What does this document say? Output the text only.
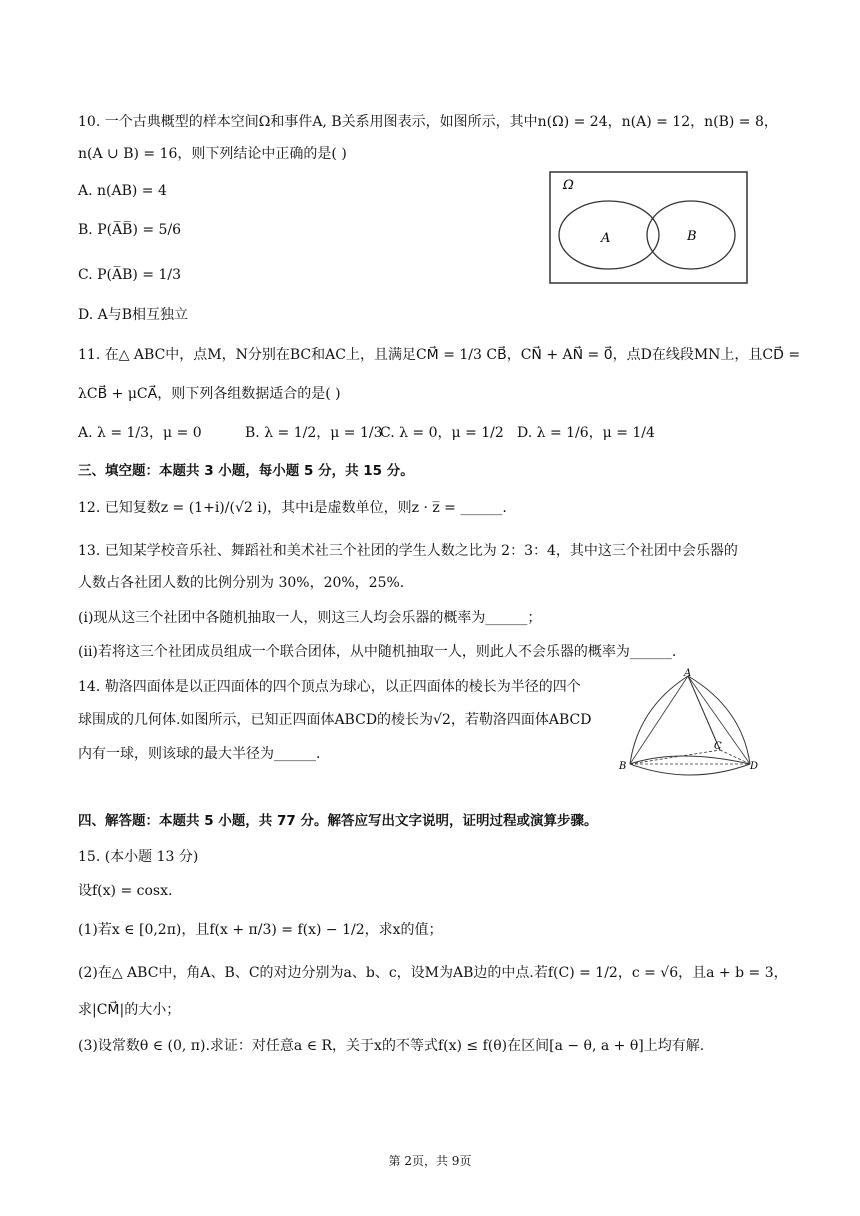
10. 一个古典概型的样本空间Ω和事件A, B关系用图表示，如图所示，其中n(Ω) = 24，n(A) = 12，n(B) = 8，
n(A ∪ B) = 16，则下列结论中正确的是( )
A. n(AB) = 4
B. P(A̅B̅) = 5/6
C. P(A̅B) = 1/3
D. A与B相互独立
Ω
A	B
11. 在△ ABC中，点M，N分别在BC和AC上，且满足CM⃗ = 1/3 CB⃗，CN⃗ + AN⃗ = 0⃗，点D在线段MN上，且CD⃗ =
λCB⃗ + μCA⃗，则下列各组数据适合的是( )
A. λ = 1/3，μ = 0	B. λ = 1/2，μ = 1/3
C. λ = 0，μ = 1/2 D. λ = 1/6，μ = 1/4
三、填空题：本题共 3 小题，每小题 5 分，共 15 分。
12. 已知复数z = (1+i)/(√2 i)，其中i是虚数单位，则z · z̅ = ______.
13. 已知某学校音乐社、舞蹈社和美术社三个社团的学生人数之比为 2：3：4，其中这三个社团中会乐器的
人数占各社团人数的比例分别为 30%，20%，25%.
(i)现从这三个社团中各随机抽取一人，则这三人均会乐器的概率为______；
(ii)若将这三个社团成员组成一个联合团体，从中随机抽取一人，则此人不会乐器的概率为______.
14. 勒洛四面体是以正四面体的四个顶点为球心，以正四面体的棱长为半径的四个
球围成的几何体.如图所示，已知正四面体ABCD的棱长为√2，若勒洛四面体ABCD
内有一球，则该球的最大半径为______.
A
B
C
D
四、解答题：本题共 5 小题，共 77 分。解答应写出文字说明，证明过程或演算步骤。
15. (本小题 13 分)
设f(x) = cosx.
(1)若x ∈ [0,2π)，且f(x + π/3) = f(x) − 1/2，求x的值；
(2)在△ ABC中，角A、B、C的对边分别为a、b、c，设M为AB边的中点.若f(C) = 1/2，c = √6，且a + b = 3，
求|CM⃗|的大小；
(3)设常数θ ∈ (0, π).求证：对任意a ∈ R，关于x的不等式f(x) ≤ f(θ)在区间[a − θ, a + θ]上均有解.
第 2页，共 9页
